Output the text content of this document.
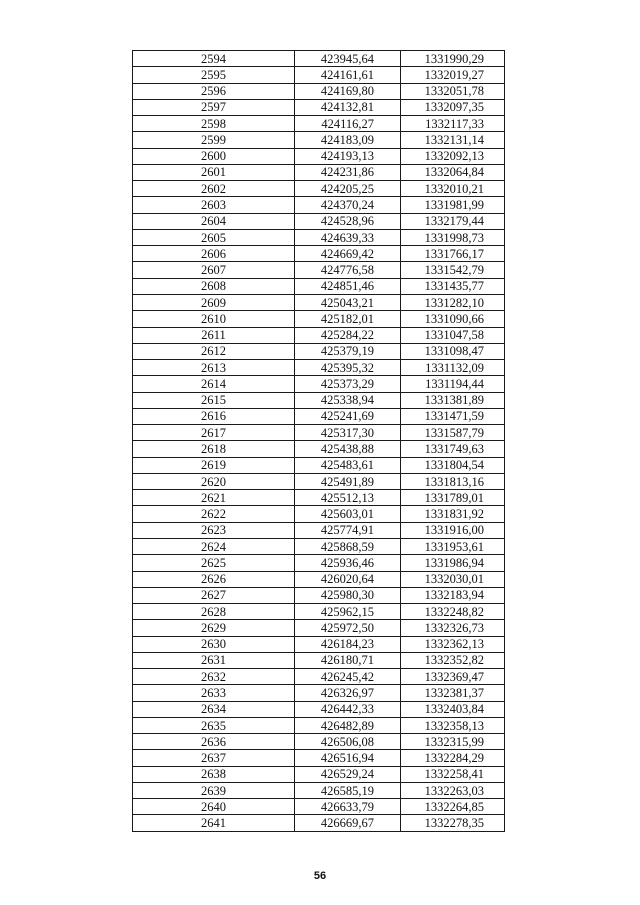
2594	423945,64	1331990,29
2595	424161,61	1332019,27
2596	424169,80	1332051,78
2597	424132,81	1332097,35
2598	424116,27	1332117,33
2599	424183,09	1332131,14
2600	424193,13	1332092,13
2601	424231,86	1332064,84
2602	424205,25	1332010,21
2603	424370,24	1331981,99
2604	424528,96	1332179,44
2605	424639,33	1331998,73
2606	424669,42	1331766,17
2607	424776,58	1331542,79
2608	424851,46	1331435,77
2609	425043,21	1331282,10
2610	425182,01	1331090,66
2611	425284,22	1331047,58
2612	425379,19	1331098,47
2613	425395,32	1331132,09
2614	425373,29	1331194,44
2615	425338,94	1331381,89
2616	425241,69	1331471,59
2617	425317,30	1331587,79
2618	425438,88	1331749,63
2619	425483,61	1331804,54
2620	425491,89	1331813,16
2621	425512,13	1331789,01
2622	425603,01	1331831,92
2623	425774,91	1331916,00
2624	425868,59	1331953,61
2625	425936,46	1331986,94
2626	426020,64	1332030,01
2627	425980,30	1332183,94
2628	425962,15	1332248,82
2629	425972,50	1332326,73
2630	426184,23	1332362,13
2631	426180,71	1332352,82
2632	426245,42	1332369,47
2633	426326,97	1332381,37
2634	426442,33	1332403,84
2635	426482,89	1332358,13
2636	426506,08	1332315,99
2637	426516,94	1332284,29
2638	426529,24	1332258,41
2639	426585,19	1332263,03
2640	426633,79	1332264,85
2641	426669,67	1332278,35
56
